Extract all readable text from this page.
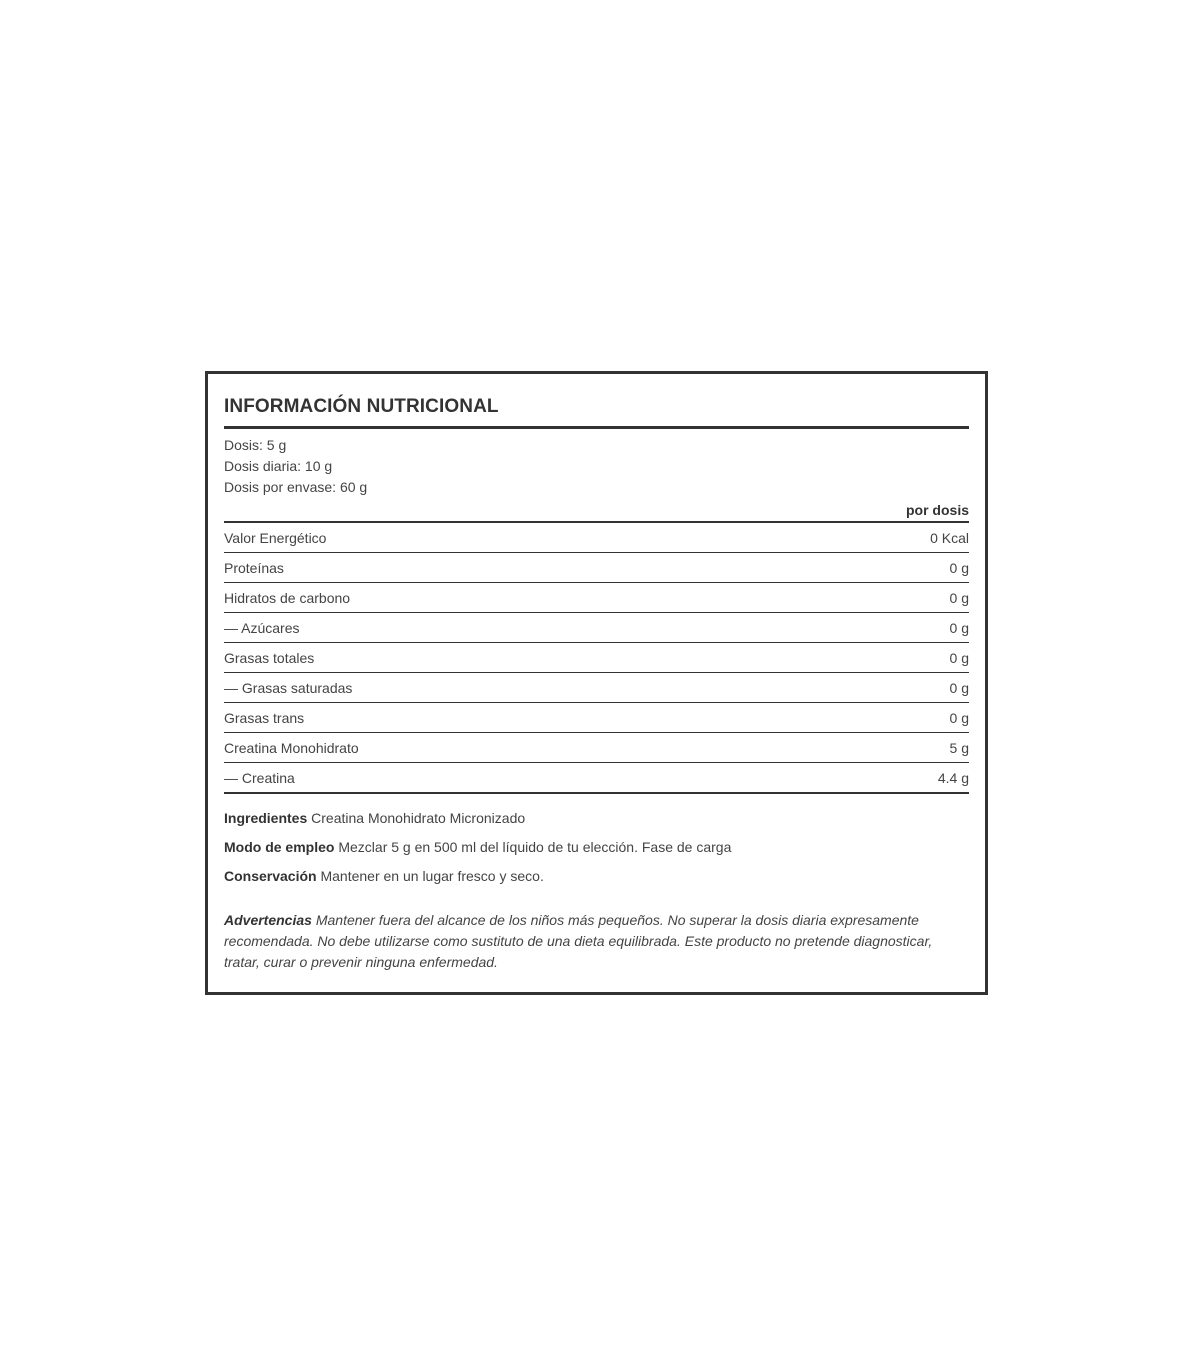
INFORMACIÓN NUTRICIONAL
Dosis: 5 g
Dosis diaria: 10 g
Dosis por envase: 60 g
por dosis
Valor Energético	0 Kcal
Proteínas	0 g
Hidratos de carbono	0 g
— Azúcares	0 g
Grasas totales	0 g
— Grasas saturadas	0 g
Grasas trans	0 g
Creatina Monohidrato	5 g
— Creatina	4.4 g
Ingredientes Creatina Monohidrato Micronizado
Modo de empleo Mezclar 5 g en 500 ml del líquido de tu elección. Fase de carga
Conservación Mantener en un lugar fresco y seco.
Advertencias Mantener fuera del alcance de los niños más pequeños. No superar la dosis diaria expresamente recomendada. No debe utilizarse como sustituto de una dieta equilibrada. Este producto no pretende diagnosticar, tratar, curar o prevenir ninguna enfermedad.
